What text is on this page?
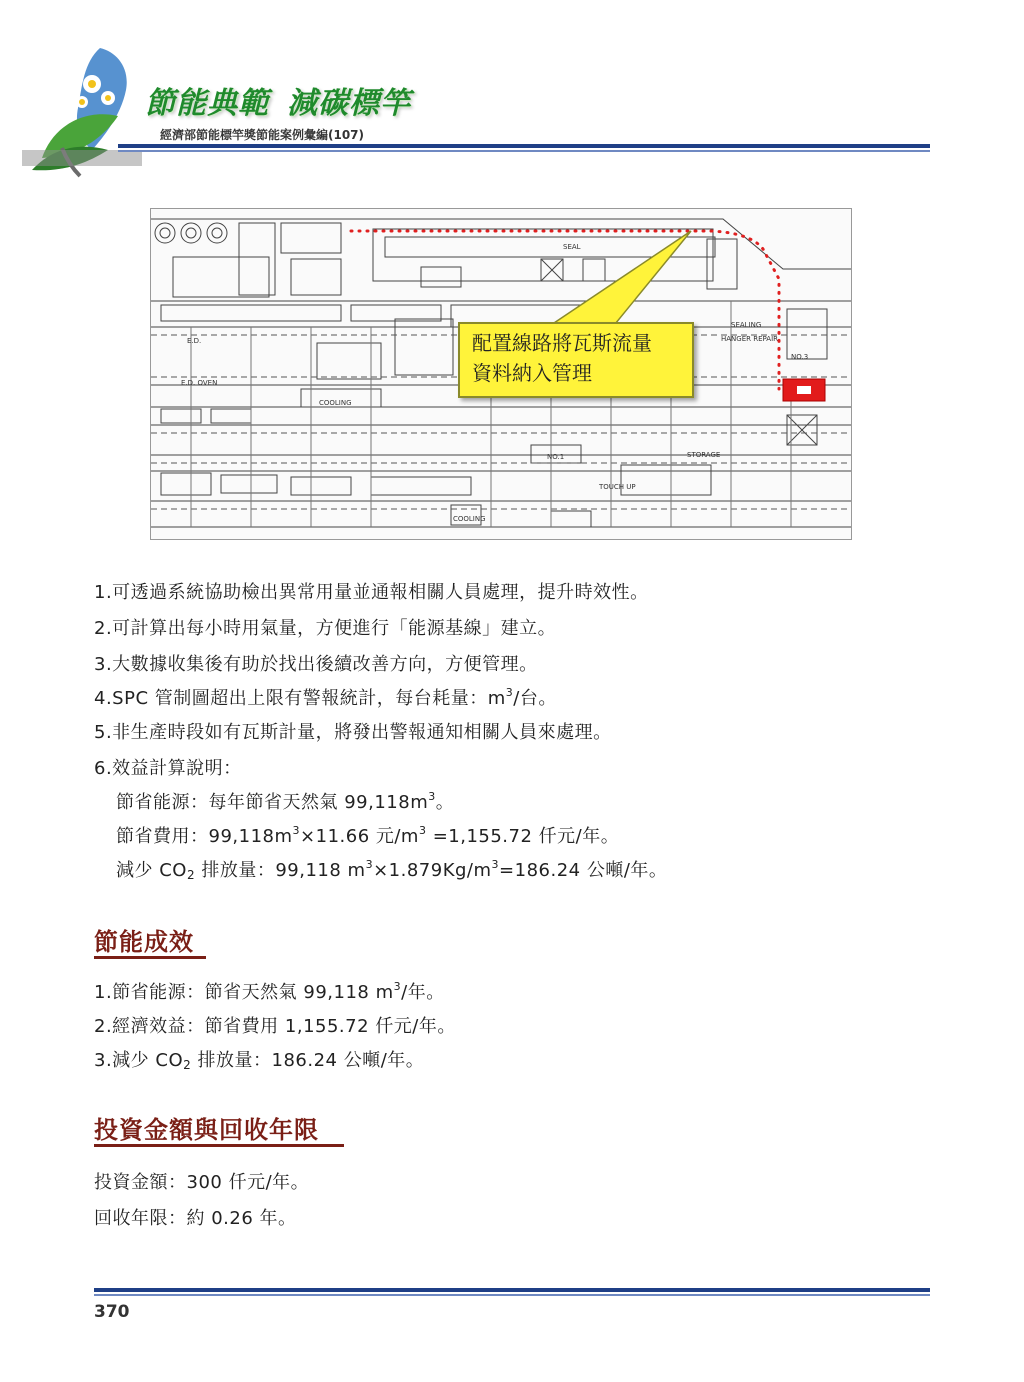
節能典範 減碳標竿
經濟部節能標竿獎節能案例彙編(107)
E.D.
E.D. OVEN
COOLING
STORAGE
TOUCH UP
HANGER REPAIR
SEALING
NO.3
NO.1
COOLING
SEAL
配置線路將瓦斯流量
資料納入管理
1.可透過系統協助檢出異常用量並通報相關人員處理，提升時效性。
2.可計算出每小時用氣量，方便進行「能源基線」建立。
3.大數據收集後有助於找出後續改善方向，方便管理。
4.SPC 管制圖超出上限有警報統計，每台耗量：$m^3/$台。
5.非生產時段如有瓦斯計量，將發出警報通知相關人員來處理。
6.效益計算說明：
節省能源：每年節省天然氣 $99,118m^3$。
節省費用：$99,118m^3\times 11.66$ 元$/m^3 =1,155.72$ 仟元/年。
減少 $CO_2$ 排放量：99,118 $m^3\times 1.879Kg/m^3=186.24$ 公噸/年。
節能成效
1.節省能源：節省天然氣 99,118 $m^3/$年。
2.經濟效益：節省費用 1,155.72 仟元/年。
3.減少 $CO_2$ 排放量：186.24 公噸/年。
投資金額與回收年限
投資金額：300 仟元/年。
回收年限：約 0.26 年。
370
